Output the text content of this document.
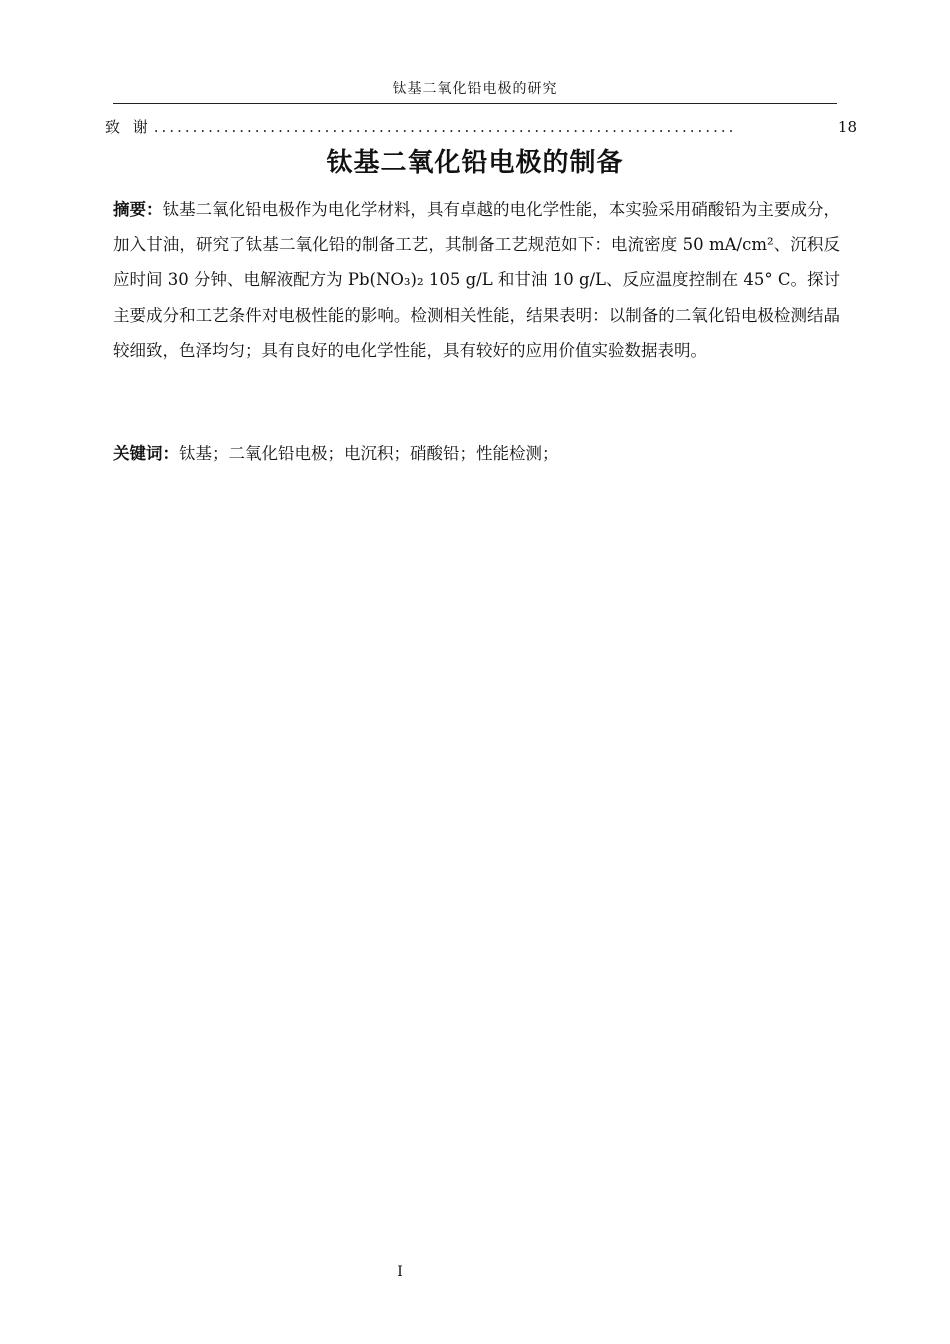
钛基二氧化铅电极的研究
致 谢 ...........................................................................	18
钛基二氧化铅电极的制备
摘要：钛基二氧化铅电极作为电化学材料，具有卓越的电化学性能，本实验采用硝酸铅为主要成分，加入甘油，研究了钛基二氧化铅的制备工艺，其制备工艺规范如下：电流密度 50 mA/cm²、沉积反应时间 30 分钟、电解液配方为 Pb(NO₃)₂ 105 g/L 和甘油 10 g/L、反应温度控制在 45° C。探讨主要成分和工艺条件对电极性能的影响。检测相关性能，结果表明：以制备的二氧化铅电极检测结晶较细致，色泽均匀；具有良好的电化学性能，具有较好的应用价值实验数据表明。
关键词：钛基；二氧化铅电极；电沉积；硝酸铅；性能检测；
I
